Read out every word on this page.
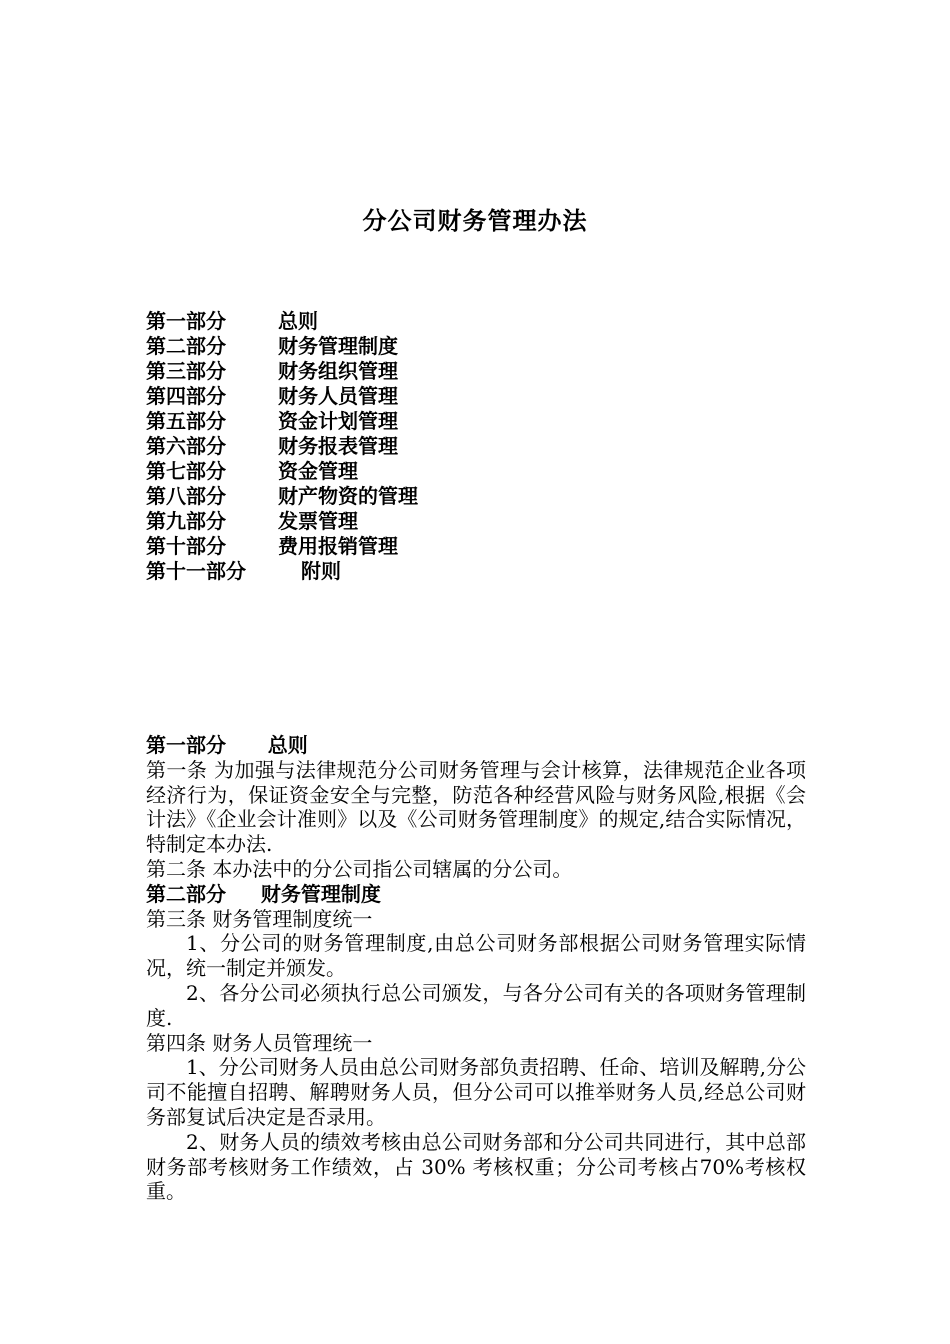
分公司财务管理办法
第一部分	总则
第二部分	财务管理制度
第三部分	财务组织管理
第四部分	财务人员管理
第五部分	资金计划管理
第六部分	财务报表管理
第七部分	资金管理
第八部分	财产物资的管理
第九部分	发票管理
第十部分	费用报销管理
第十一部分	附则

第一部分      总则

第一条 为加强与法律规范分公司财务管理与会计核算，法律规范企业各项经济行为，保证资金安全与完整，防范各种经营风险与财务风险,根据《会计法》《企业会计准则》以及《公司财务管理制度》的规定,结合实际情况，特制定本办法.

第二条 本办法中的分公司指公司辖属的分公司。

第二部分     财务管理制度

第三条 财务管理制度统一

1、分公司的财务管理制度,由总公司财务部根据公司财务管理实际情况，统一制定并颁发。

2、各分公司必须执行总公司颁发，与各分公司有关的各项财务管理制度.

第四条 财务人员管理统一

1、分公司财务人员由总公司财务部负责招聘、任命、培训及解聘,分公司不能擅自招聘、解聘财务人员，但分公司可以推举财务人员,经总公司财务部复试后决定是否录用。

2、财务人员的绩效考核由总公司财务部和分公司共同进行，其中总部财务部考核财务工作绩效，占 30% 考核权重；分公司考核占70%考核权重。
